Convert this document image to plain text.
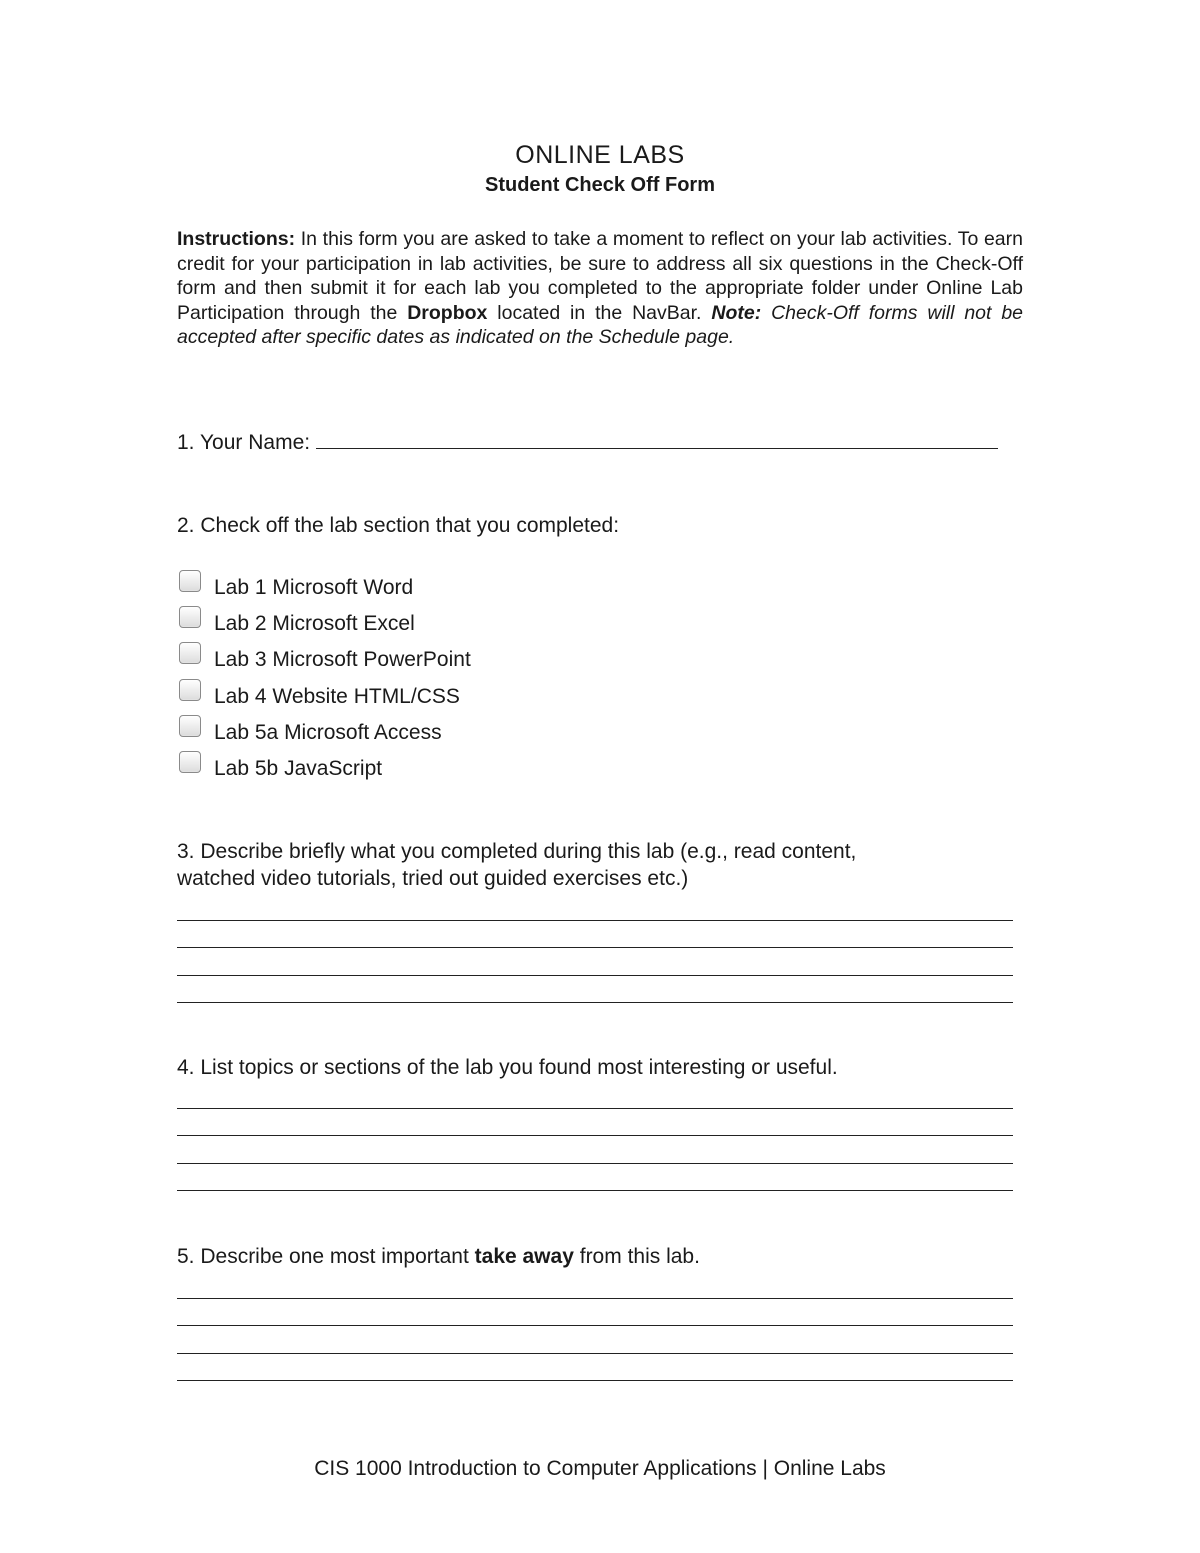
ONLINE LABS
Student Check Off Form
Instructions: In this form you are asked to take a moment to reflect on your lab activities. To earn credit for your participation in lab activities, be sure to address all six questions in the Check-Off form and then submit it for each lab you completed to the appropriate folder under Online Lab Participation through the Dropbox located in the NavBar. Note: Check-Off forms will not be accepted after specific dates as indicated on the Schedule page.
1. Your Name:
2. Check off the lab section that you completed:
Lab 1 Microsoft Word
Lab 2 Microsoft Excel
Lab 3 Microsoft PowerPoint
Lab 4 Website HTML/CSS
Lab 5a Microsoft Access
Lab 5b JavaScript
3. Describe briefly what you completed during this lab (e.g., read content,
watched video tutorials, tried out guided exercises etc.)
4. List topics or sections of the lab you found most interesting or useful.
5. Describe one most important take away from this lab.
CIS 1000 Introduction to Computer Applications | Online Labs
